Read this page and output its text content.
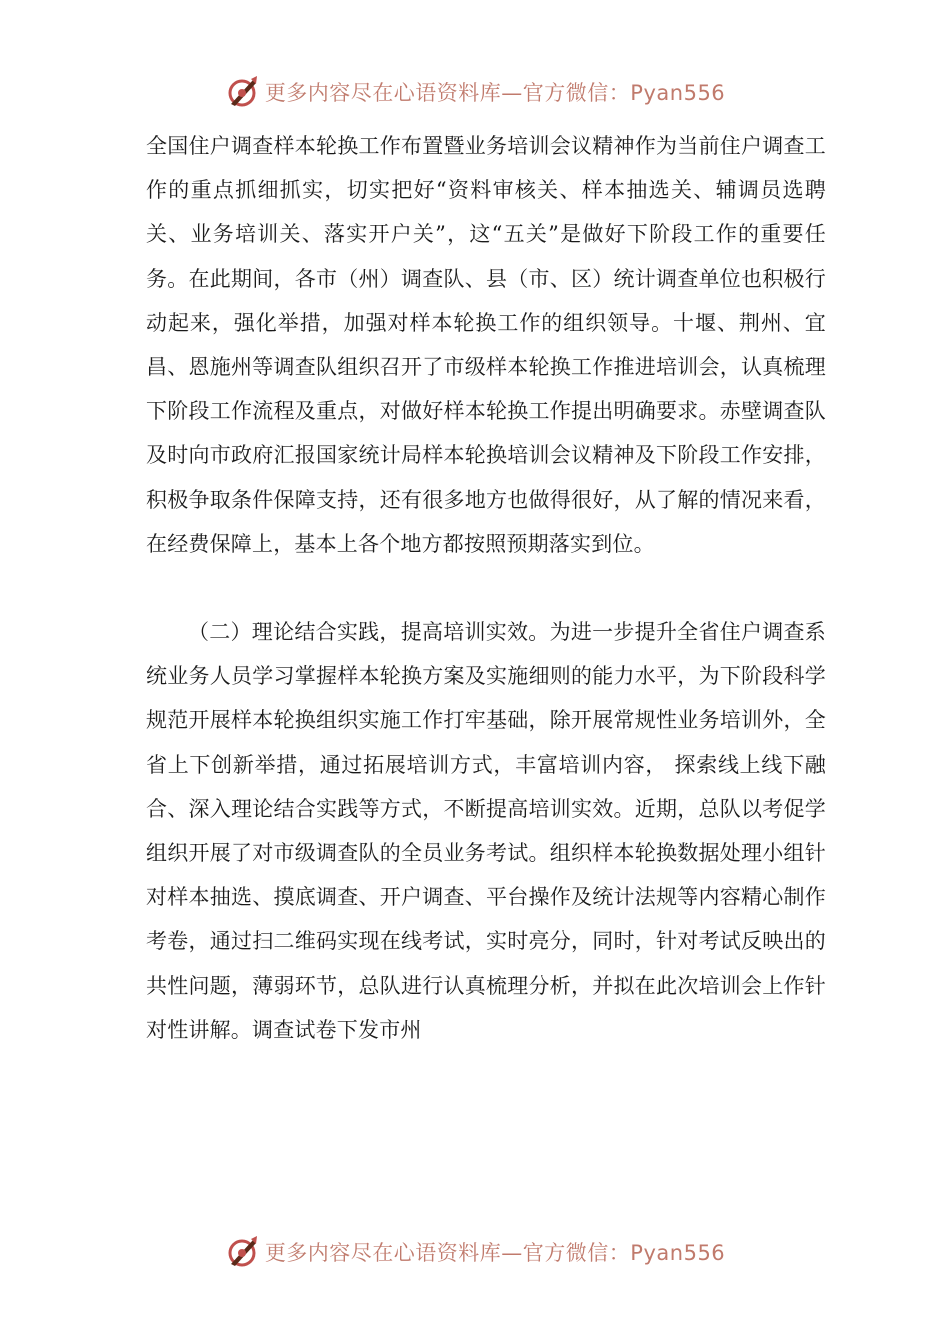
更多内容尽在心语资料库—官方微信：Pyan556

全国住户调查样本轮换工作布置暨业务培训会议精神作为当前住户调查工作的重点抓细抓实，切实把好“资料审核关、样本抽选关、辅调员选聘关、业务培训关、落实开户关”，这“五关”是做好下阶段工作的重要任务。在此期间，各市（州）调查队、县（市、区）统计调查单位也积极行动起来，强化举措，加强对样本轮换工作的组织领导。十堰、荆州、宜昌、恩施州等调查队组织召开了市级样本轮换工作推进培训会，认真梳理下阶段工作流程及重点，对做好样本轮换工作提出明确要求。赤壁调查队及时向市政府汇报国家统计局样本轮换培训会议精神及下阶段工作安排，积极争取条件保障支持，还有很多地方也做得很好，从了解的情况来看，在经费保障上，基本上各个地方都按照预期落实到位。

（二）理论结合实践，提高培训实效。为进一步提升全省住户调查系统业务人员学习掌握样本轮换方案及实施细则的能力水平，为下阶段科学规范开展样本轮换组织实施工作打牢基础，除开展常规性业务培训外，全省上下创新举措，通过拓展培训方式，丰富培训内容， 探索线上线下融合、深入理论结合实践等方式，不断提高培训实效。近期，总队以考促学组织开展了对市级调查队的全员业务考试。组织样本轮换数据处理小组针对样本抽选、摸底调查、开户调查、平台操作及统计法规等内容精心制作考卷，通过扫二维码实现在线考试，实时亮分，同时，针对考试反映出的共性问题，薄弱环节，总队进行认真梳理分析，并拟在此次培训会上作针对性讲解。调查试卷下发市州

更多内容尽在心语资料库—官方微信：Pyan556
